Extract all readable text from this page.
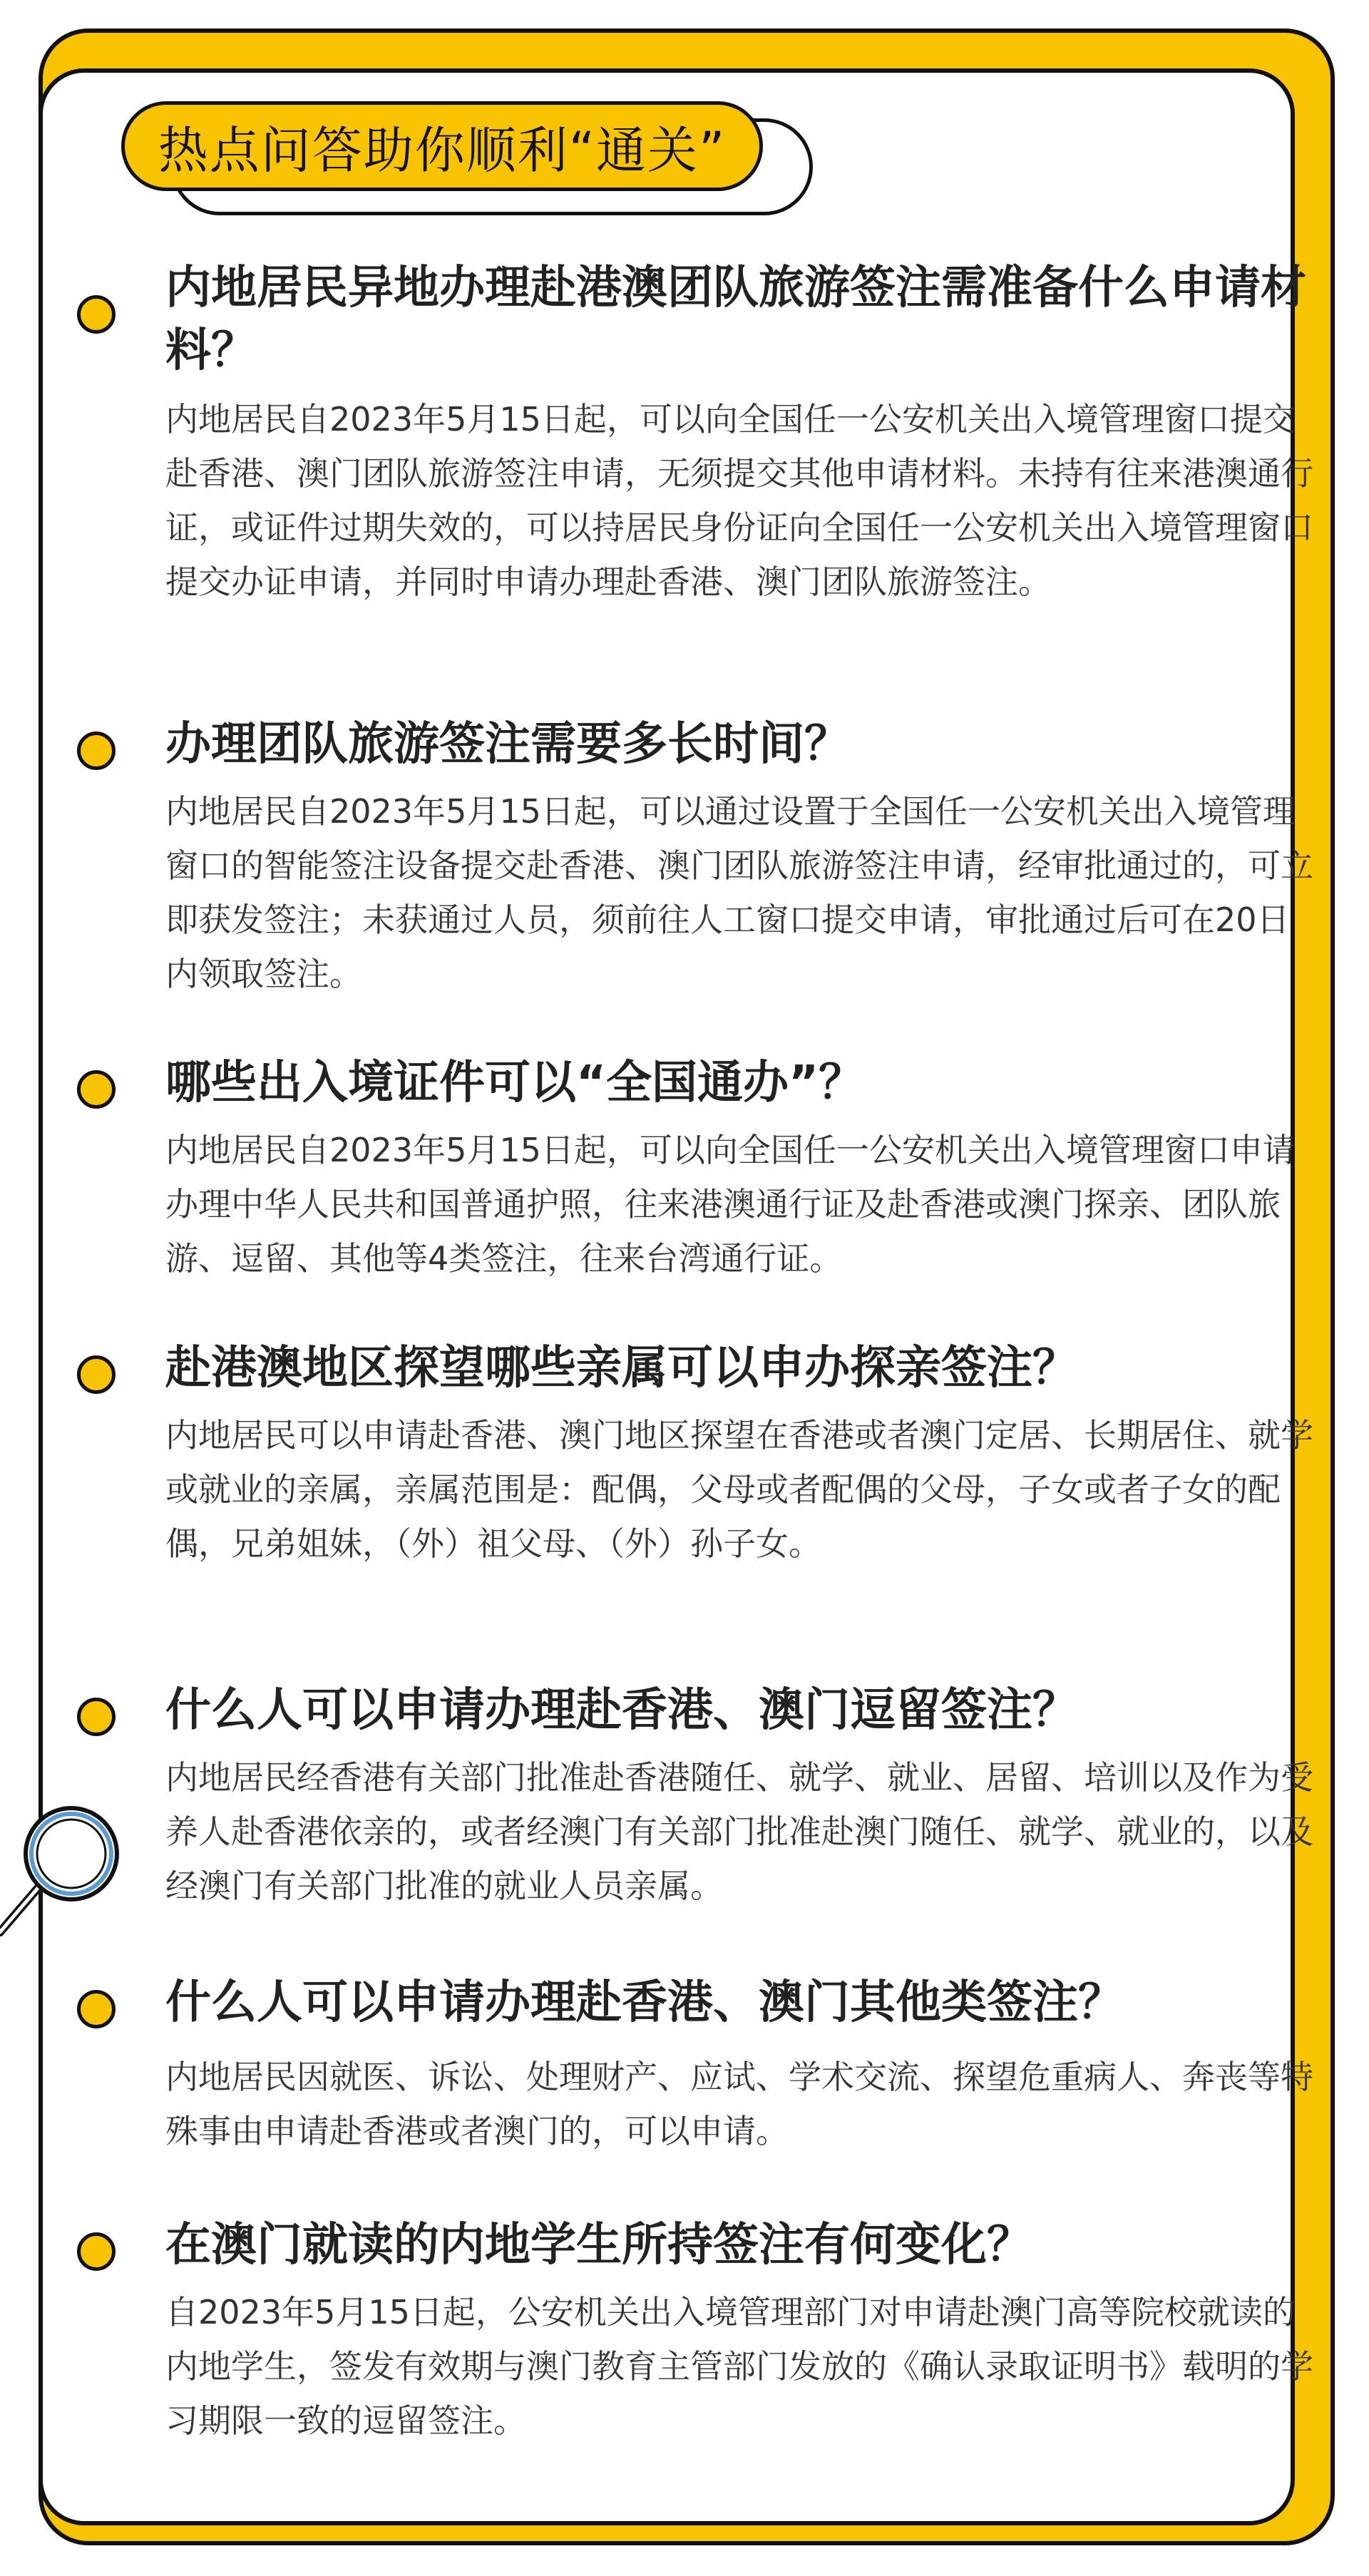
热点问答助你顺利“通关”

内地居民异地办理赴港澳团队旅游签注需准备什么申请材料？

内地居民自2023年5月15日起，可以向全国任一公安机关出入境管理窗口提交赴香港、澳门团队旅游签注申请，无须提交其他申请材料。未持有往来港澳通行证，或证件过期失效的，可以持居民身份证向全国任一公安机关出入境管理窗口提交办证申请，并同时申请办理赴香港、澳门团队旅游签注。

办理团队旅游签注需要多长时间？

内地居民自2023年5月15日起，可以通过设置于全国任一公安机关出入境管理窗口的智能签注设备提交赴香港、澳门团队旅游签注申请，经审批通过的，可立即获发签注；未获通过人员，须前往人工窗口提交申请，审批通过后可在20日内领取签注。

哪些出入境证件可以“全国通办”？

内地居民自2023年5月15日起，可以向全国任一公安机关出入境管理窗口申请办理中华人民共和国普通护照，往来港澳通行证及赴香港或澳门探亲、团队旅游、逗留、其他等4类签注，往来台湾通行证。

赴港澳地区探望哪些亲属可以申办探亲签注？

内地居民可以申请赴香港、澳门地区探望在香港或者澳门定居、长期居住、就学或就业的亲属，亲属范围是：配偶，父母或者配偶的父母，子女或者子女的配偶，兄弟姐妹，（外）祖父母、（外）孙子女。

什么人可以申请办理赴香港、澳门逗留签注？

内地居民经香港有关部门批准赴香港随任、就学、就业、居留、培训以及作为受养人赴香港依亲的，或者经澳门有关部门批准赴澳门随任、就学、就业的，以及经澳门有关部门批准的就业人员亲属。

什么人可以申请办理赴香港、澳门其他类签注？

内地居民因就医、诉讼、处理财产、应试、学术交流、探望危重病人、奔丧等特殊事由申请赴香港或者澳门的，可以申请。

在澳门就读的内地学生所持签注有何变化？

自2023年5月15日起，公安机关出入境管理部门对申请赴澳门高等院校就读的内地学生，签发有效期与澳门教育主管部门发放的《确认录取证明书》载明的学习期限一致的逗留签注。
